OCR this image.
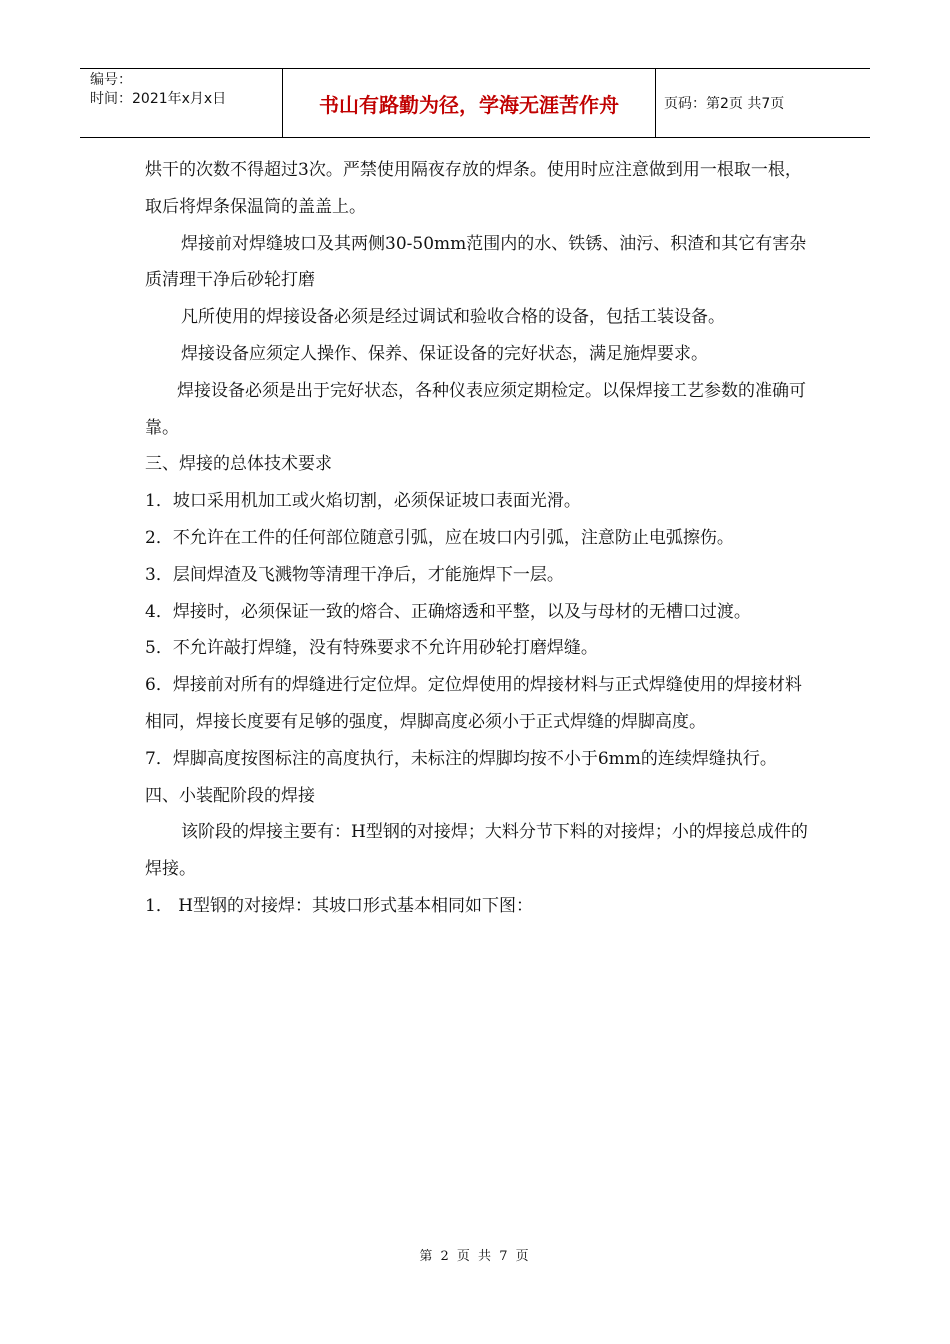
编号：
时间：2021年x月x日	书山有路勤为径，学海无涯苦作舟	页码：第2页 共7页

烘干的次数不得超过3次。严禁使用隔夜存放的焊条。使用时应注意做到用一根取一根，取后将焊条保温筒的盖盖上。

焊接前对焊缝坡口及其两侧30-50mm范围内的水、铁锈、油污、积渣和其它有害杂质清理干净后砂轮打磨

凡所使用的焊接设备必须是经过调试和验收合格的设备，包括工装设备。

焊接设备应须定人操作、保养、保证设备的完好状态，满足施焊要求。

焊接设备必须是出于完好状态，各种仪表应须定期检定。以保焊接工艺参数的准确可靠。

三、焊接的总体技术要求

1．坡口采用机加工或火焰切割，必须保证坡口表面光滑。

2．不允许在工件的任何部位随意引弧，应在坡口内引弧，注意防止电弧擦伤。

3．层间焊渣及飞溅物等清理干净后，才能施焊下一层。

4．焊接时，必须保证一致的熔合、正确熔透和平整，以及与母材的无槽口过渡。

5．不允许敲打焊缝，没有特殊要求不允许用砂轮打磨焊缝。

6．焊接前对所有的焊缝进行定位焊。定位焊使用的焊接材料与正式焊缝使用的焊接材料相同，焊接长度要有足够的强度，焊脚高度必须小于正式焊缝的焊脚高度。

7．焊脚高度按图标注的高度执行，未标注的焊脚均按不小于6mm的连续焊缝执行。

四、小装配阶段的焊接

该阶段的焊接主要有：H型钢的对接焊；大料分节下料的对接焊；小的焊接总成件的焊接。

1． H型钢的对接焊：其坡口形式基本相同如下图：

第 2 页 共 7 页
